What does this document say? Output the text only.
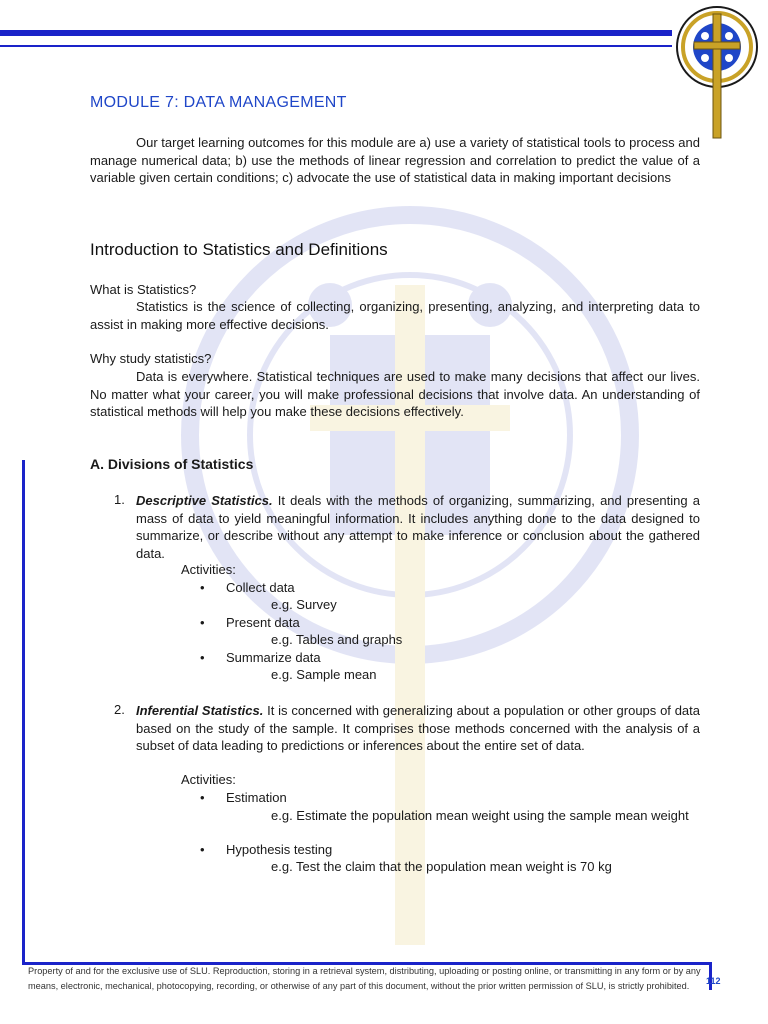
MODULE 7: DATA MANAGEMENT

Our target learning outcomes for this module are a) use a variety of statistical tools to process and manage numerical data; b) use the methods of linear regression and correlation to predict the value of a variable given certain conditions; c) advocate the use of statistical data in making important decisions

Introduction to Statistics and Definitions
What is Statistics?

Statistics is the science of collecting, organizing, presenting, analyzing, and interpreting data to assist in making more effective decisions.

Why study statistics?

Data is everywhere. Statistical techniques are used to make many decisions that affect our lives. No matter what your career, you will make professional decisions that involve data. An understanding of statistical methods will help you make these decisions effectively.

A. Divisions of Statistics
1. Descriptive Statistics. It deals with the methods of organizing, summarizing, and presenting a mass of data to yield meaningful information. It includes anything done to the data designed to summarize, or describe without any attempt to make inference or conclusion about the gathered data.

Activities:
• Collect data
e.g. Survey
• Present data
e.g. Tables and graphs
• Summarize data
e.g. Sample mean
2. Inferential Statistics. It is concerned with generalizing about a population or other groups of data based on the study of the sample. It comprises those methods concerned with the analysis of a subset of data leading to predictions or inferences about the entire set of data.

Activities:
• Estimation

e.g. Estimate the population mean weight using the sample mean weight

• Hypothesis testing
e.g. Test the claim that the population mean weight is 70 kg

Property of and for the exclusive use of SLU. Reproduction, storing in a retrieval system, distributing, uploading or posting online, or transmitting in any form or by any means, electronic, mechanical, photocopying, recording, or otherwise of any part of this document, without the prior written permission of SLU, is strictly prohibited.	112
